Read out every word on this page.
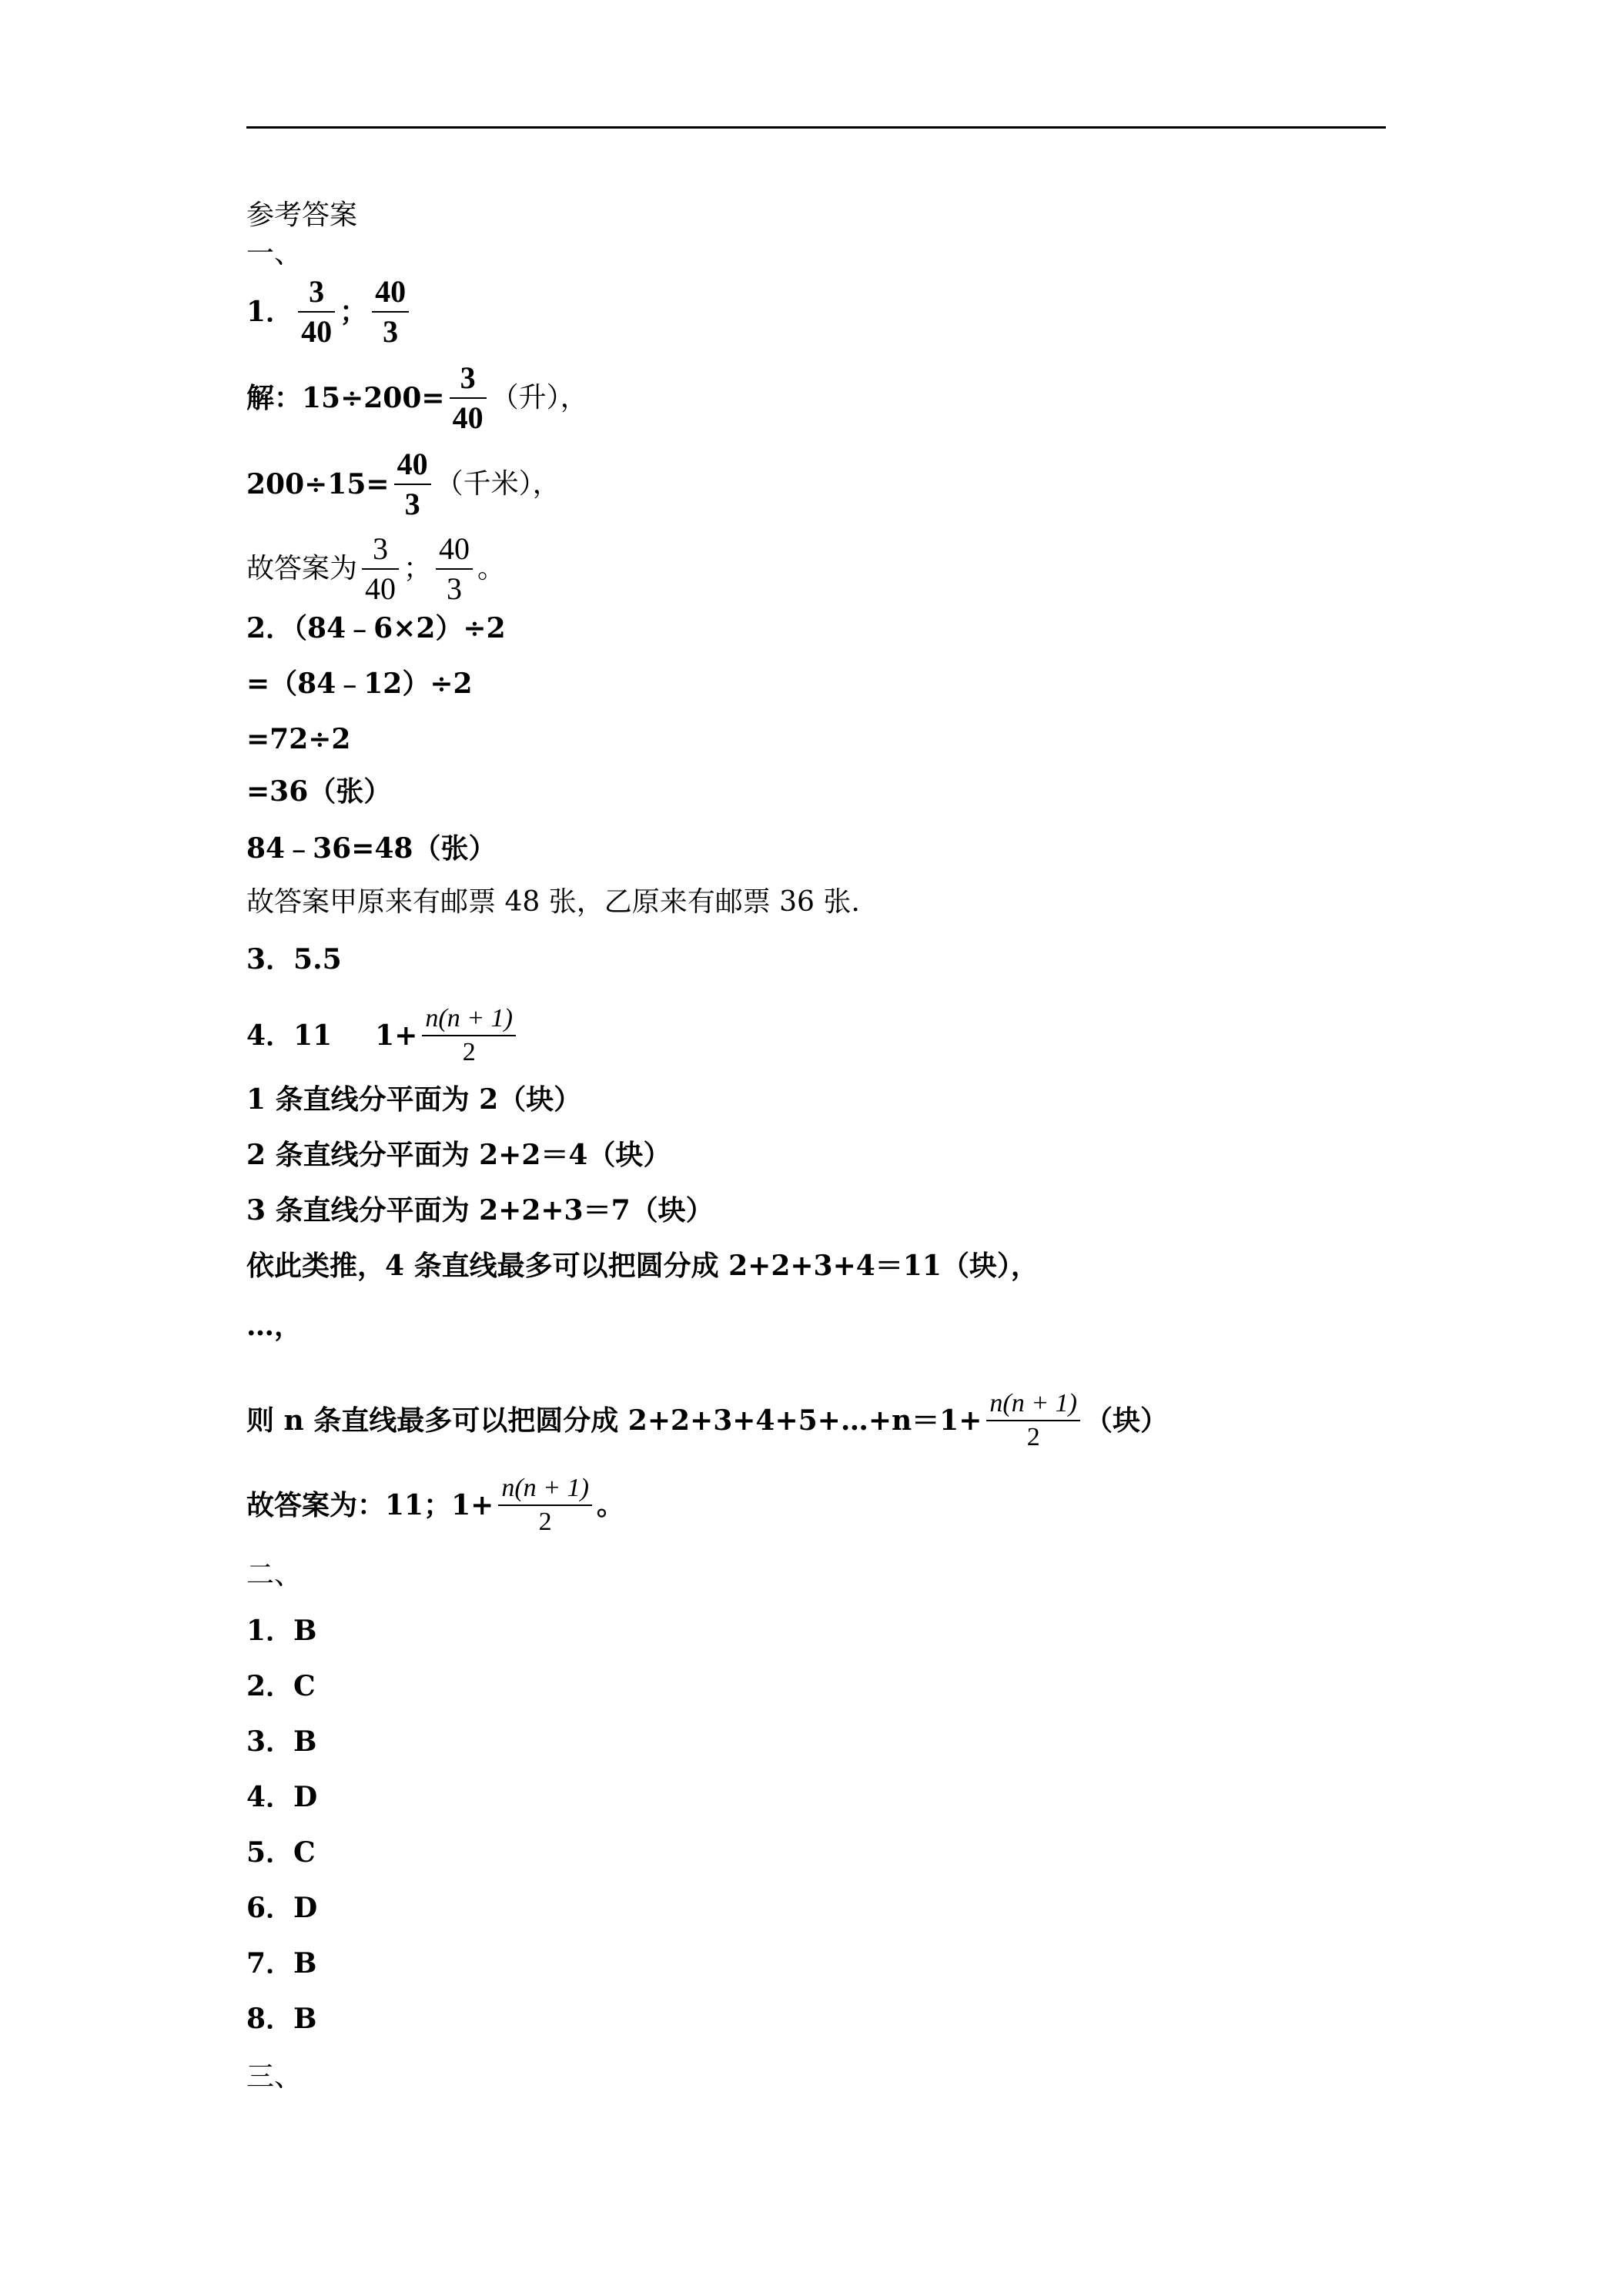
参考答案
一、
1． $\frac{3}{40}$ ； $\frac{40}{3}$
解：$15\div 200= \frac{3}{40}$ （升），
$200\div 15= \frac{40}{3}$ （千米），
故答案为 $\frac{3}{40}$ ； $\frac{40}{3}$ 。
2．（84﹣6×2）÷2
=（84﹣12）÷2
=72÷2
=36（张）
84﹣36=48（张）
故答案甲原来有邮票 48 张，乙原来有邮票 36 张.
3．5.5
4． 11 $1+ \frac{n(n + 1)}{2}$
1 条直线分平面为 2（块）
2 条直线分平面为 2+2＝4（块）
3 条直线分平面为 2+2+3＝7（块）
依此类推，4 条直线最多可以把圆分成 2+2+3+4＝11（块），
…，
则 n 条直线最多可以把圆分成 2+2+3+4+5+…+n＝1+ $\frac{n(n + 1)}{2}$ （块）
故答案为：11；$1+ \frac{n(n + 1)}{2}$ 。
二、
1．B
2．C
3．B
4．D
5．C
6．D
7．B
8．B
三、
